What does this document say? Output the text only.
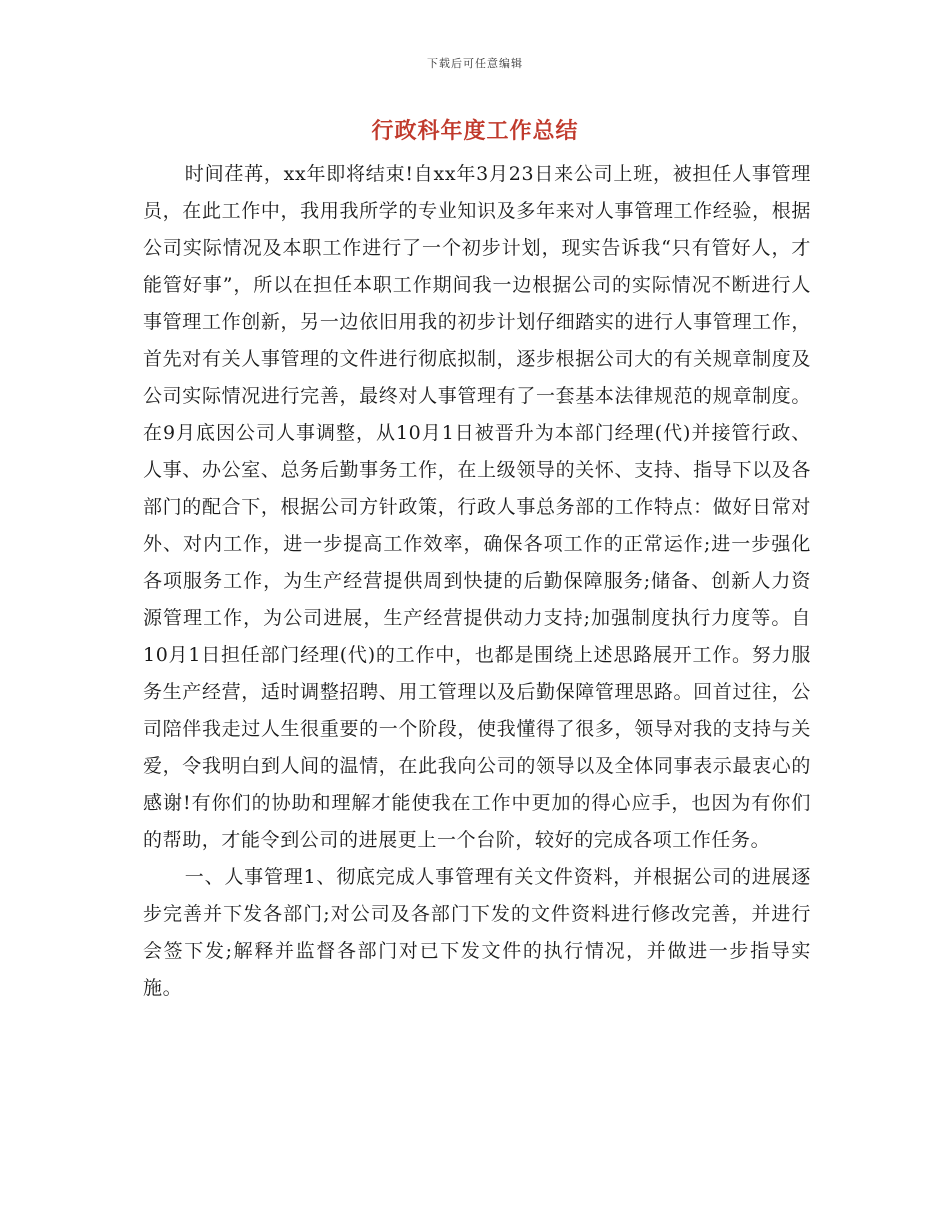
下载后可任意编辑
行政科年度工作总结

时间荏苒，xx年即将结束!自xx年3月23日来公司上班，被担任人事管理员，在此工作中，我用我所学的专业知识及多年来对人事管理工作经验，根据公司实际情况及本职工作进行了一个初步计划，现实告诉我“只有管好人，才能管好事”，所以在担任本职工作期间我一边根据公司的实际情况不断进行人事管理工作创新，另一边依旧用我的初步计划仔细踏实的进行人事管理工作，首先对有关人事管理的文件进行彻底拟制，逐步根据公司大的有关规章制度及公司实际情况进行完善，最终对人事管理有了一套基本法律规范的规章制度。在9月底因公司人事调整，从10月1日被晋升为本部门经理(代)并接管行政、人事、办公室、总务后勤事务工作，在上级领导的关怀、支持、指导下以及各部门的配合下，根据公司方针政策，行政人事总务部的工作特点：做好日常对外、对内工作，进一步提高工作效率，确保各项工作的正常运作;进一步强化各项服务工作，为生产经营提供周到快捷的后勤保障服务;储备、创新人力资源管理工作，为公司进展，生产经营提供动力支持;加强制度执行力度等。自10月1日担任部门经理(代)的工作中，也都是围绕上述思路展开工作。努力服务生产经营，适时调整招聘、用工管理以及后勤保障管理思路。回首过往，公司陪伴我走过人生很重要的一个阶段，使我懂得了很多，领导对我的支持与关爱，令我明白到人间的温情，在此我向公司的领导以及全体同事表示最衷心的感谢!有你们的协助和理解才能使我在工作中更加的得心应手，也因为有你们的帮助，才能令到公司的进展更上一个台阶，较好的完成各项工作任务。

一、人事管理1、彻底完成人事管理有关文件资料，并根据公司的进展逐步完善并下发各部门;对公司及各部门下发的文件资料进行修改完善，并进行会签下发;解释并监督各部门对已下发文件的执行情况，并做进一步指导实施。
